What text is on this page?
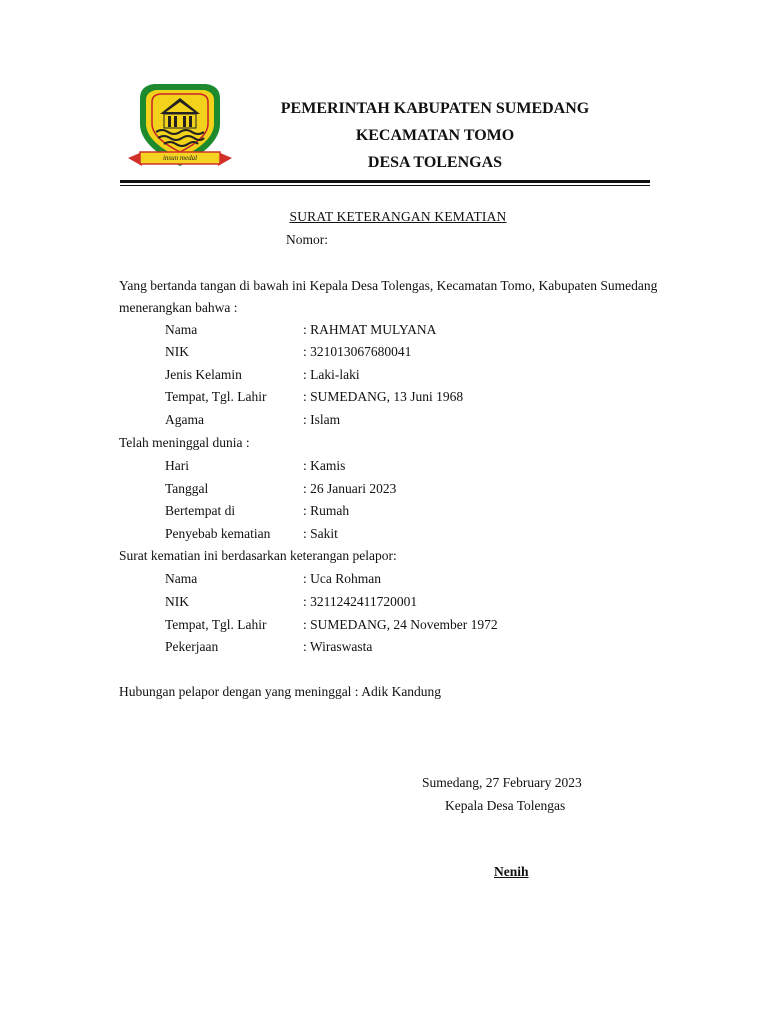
insun medal
PEMERINTAH KABUPATEN SUMEDANG
KECAMATAN TOMO
DESA TOLENGAS
SURAT KETERANGAN KEMATIAN
Nomor:
Yang bertanda tangan di bawah ini Kepala Desa Tolengas, Kecamatan Tomo, Kabupaten Sumedang menerangkan bahwa :
Nama	: RAHMAT MULYANA
NIK	: 321013067680041
Jenis Kelamin	: Laki-laki
Tempat, Tgl. Lahir	: SUMEDANG, 13 Juni 1968
Agama	: Islam
Telah meninggal dunia :
Hari	: Kamis
Tanggal	: 26 Januari 2023
Bertempat di	: Rumah
Penyebab kematian : Sakit
Surat kematian ini berdasarkan keterangan pelapor:
Nama	: Uca Rohman
NIK	: 3211242411720001
Tempat, Tgl. Lahir	: SUMEDANG, 24 November 1972
Pekerjaan	: Wiraswasta
Hubungan pelapor dengan yang meninggal : Adik Kandung
Sumedang, 27 February 2023
Kepala Desa Tolengas
Nenih
